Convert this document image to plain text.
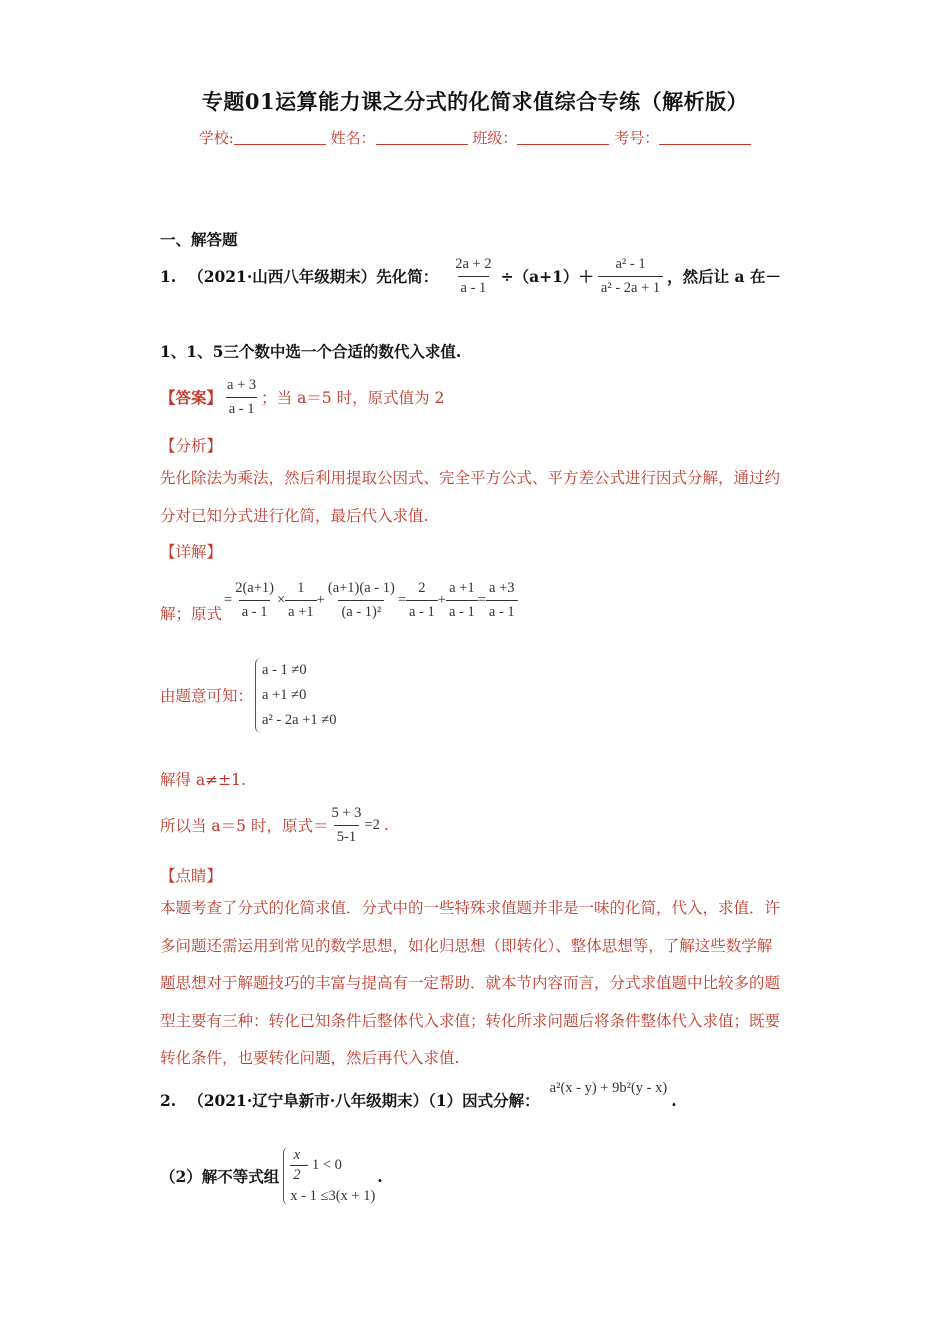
专题01运算能力课之分式的化简求值综合专练（解析版）
学校:	姓名：	班级：	考号：
一、解答题
1. （2021·山西八年级期末）先化简： $\frac{2a + 2}{a - 1} \div(a+1)+ \frac{\text{a² - 1}}{\text{a² - 2a + 1}}$ ，然后让 a 在－
1、1、5三个数中选一个合适的数代入求值.
【答案】 $\frac{a + 3}{a - 1}$ ；当 a＝5 时，原式值为 2
【分析】
先化除法为乘法，然后利用提取公因式、完全平方公式、平方差公式进行因式分解，通过约分对已知分式进行化简，最后代入求值.
【详解】
解；原式
= $\frac{2(a+1)}{a - 1} \times \frac{1}{a +1} + \frac{(a+1)(a - 1)}{\text{(a - 1)²}} = \frac{2}{a - 1} + \frac{a +1}{a - 1} = \frac{a +3}{a - 1}$
由题意可知：
a - 1 ≠0
a +1 ≠0
a² - 2a +1 ≠0
解得 a≠±1.
所以当 a＝5 时，原式＝ $\frac{5 + 3}{5-1} =2$ .
【点睛】
本题考查了分式的化简求值．分式中的一些特殊求值题并非是一味的化简，代入，求值．许多问题还需运用到常见的数学思想，如化归思想（即转化）、整体思想等，了解这些数学解题思想对于解题技巧的丰富与提高有一定帮助．就本节内容而言，分式求值题中比较多的题型主要有三种：转化已知条件后整体代入求值；转化所求问题后将条件整体代入求值；既要转化条件，也要转化问题，然后再代入求值.
2. （2021·辽宁阜新市·八年级期末）（1）因式分解：
a²(x - y) + 9b²(y - x)
.
（2）解不等式组 $\frac{x}{2} - 1 < 0$
x - 1 ≤3(x + 1)
.
